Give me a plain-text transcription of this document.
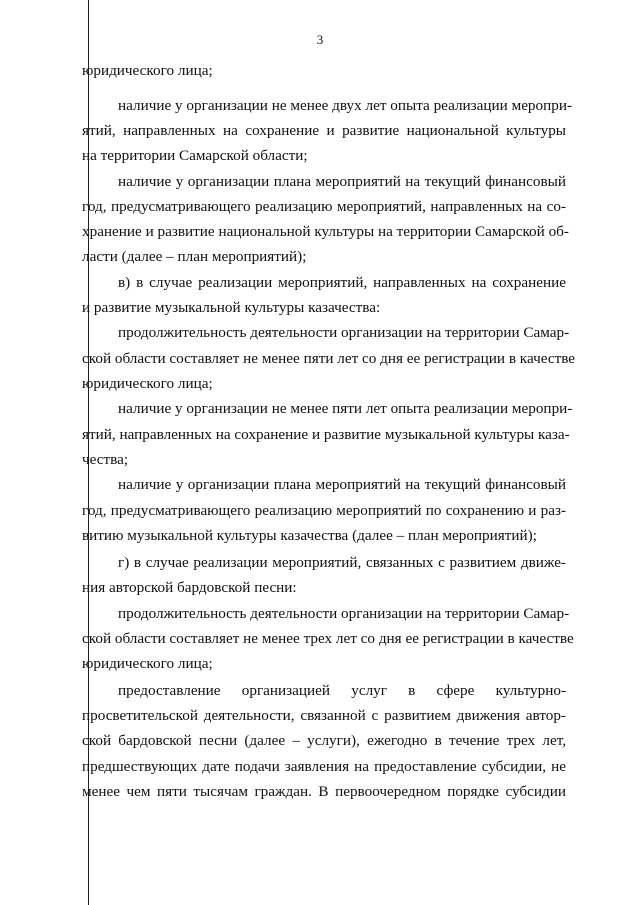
3
юридического лица;
наличие у организации не менее двух лет опыта реализации меропри-
ятий, направленных на сохранение и развитие национальной культуры
на территории Самарской области;
наличие у организации плана мероприятий на текущий финансовый
год, предусматривающего реализацию мероприятий, направленных на со-
хранение и развитие национальной культуры на территории Самарской об-
ласти (далее – план мероприятий);
в) в случае реализации мероприятий, направленных на сохранение
и развитие музыкальной культуры казачества:
продолжительность деятельности организации на территории Самар-
ской области составляет не менее пяти лет со дня ее регистрации в качестве
юридического лица;
наличие у организации не менее пяти лет опыта реализации меропри-
ятий, направленных на сохранение и развитие музыкальной культуры каза-
чества;
наличие у организации плана мероприятий на текущий финансовый
год, предусматривающего реализацию мероприятий по сохранению и раз-
витию музыкальной культуры казачества (далее – план мероприятий);
г) в случае реализации мероприятий, связанных с развитием движе-
ния авторской бардовской песни:
продолжительность деятельности организации на территории Самар-
ской области составляет не менее трех лет со дня ее регистрации в качестве
юридического лица;
предоставление организацией услуг в сфере культурно-
просветительской деятельности, связанной с развитием движения автор-
ской бардовской песни (далее – услуги), ежегодно в течение трех лет,
предшествующих дате подачи заявления на предоставление субсидии, не
менее чем пяти тысячам граждан. В первоочередном порядке субсидии
